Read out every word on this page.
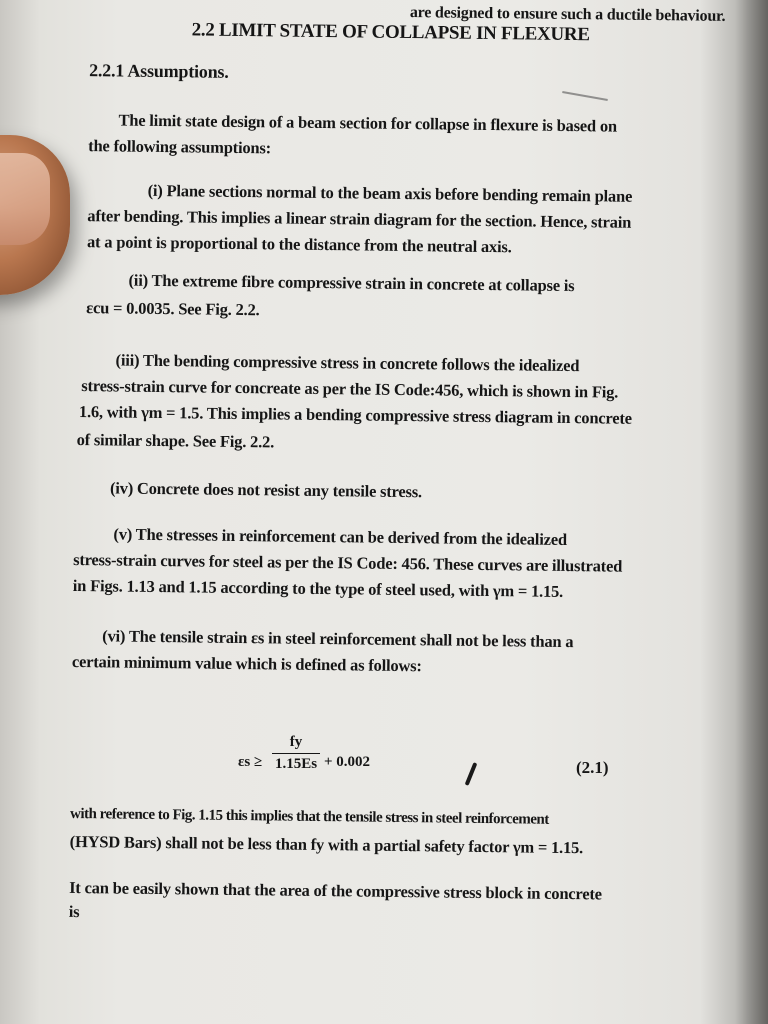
are designed to ensure such a ductile behaviour.
2.2 LIMIT STATE OF COLLAPSE IN FLEXURE
2.2.1 Assumptions.
The limit state design of a beam section for collapse in flexure is based on
the following assumptions:
(i) Plane sections normal to the beam axis before bending remain plane
after bending. This implies a linear strain diagram for the section. Hence, strain
at a point is proportional to the distance from the neutral axis.
(ii) The extreme fibre compressive strain in concrete at collapse is
εcu = 0.0035. See Fig. 2.2.
(iii) The bending compressive stress in concrete follows the idealized
stress-strain curve for concreate as per the IS Code:456, which is shown in Fig.
1.6, with γm = 1.5. This implies a bending compressive stress diagram in concrete
of similar shape. See Fig. 2.2.
(iv) Concrete does not resist any tensile stress.
(v) The stresses in reinforcement can be derived from the idealized
stress-strain curves for steel as per the IS Code: 456. These curves are illustrated
in Figs. 1.13 and 1.15 according to the type of steel used, with γm = 1.15.
(vi) The tensile strain εs in steel reinforcement shall not be less than a
certain minimum value which is defined as follows:
with reference to Fig. 1.15 this implies that the tensile stress in steel reinforcement
(HYSD Bars) shall not be less than fy with a partial safety factor γm = 1.15.
It can be easily shown that the area of the compressive stress block in concrete
is
$\varepsilon s \ge \frac{fy}{1.15Es} + 0.002$	(2.1)
